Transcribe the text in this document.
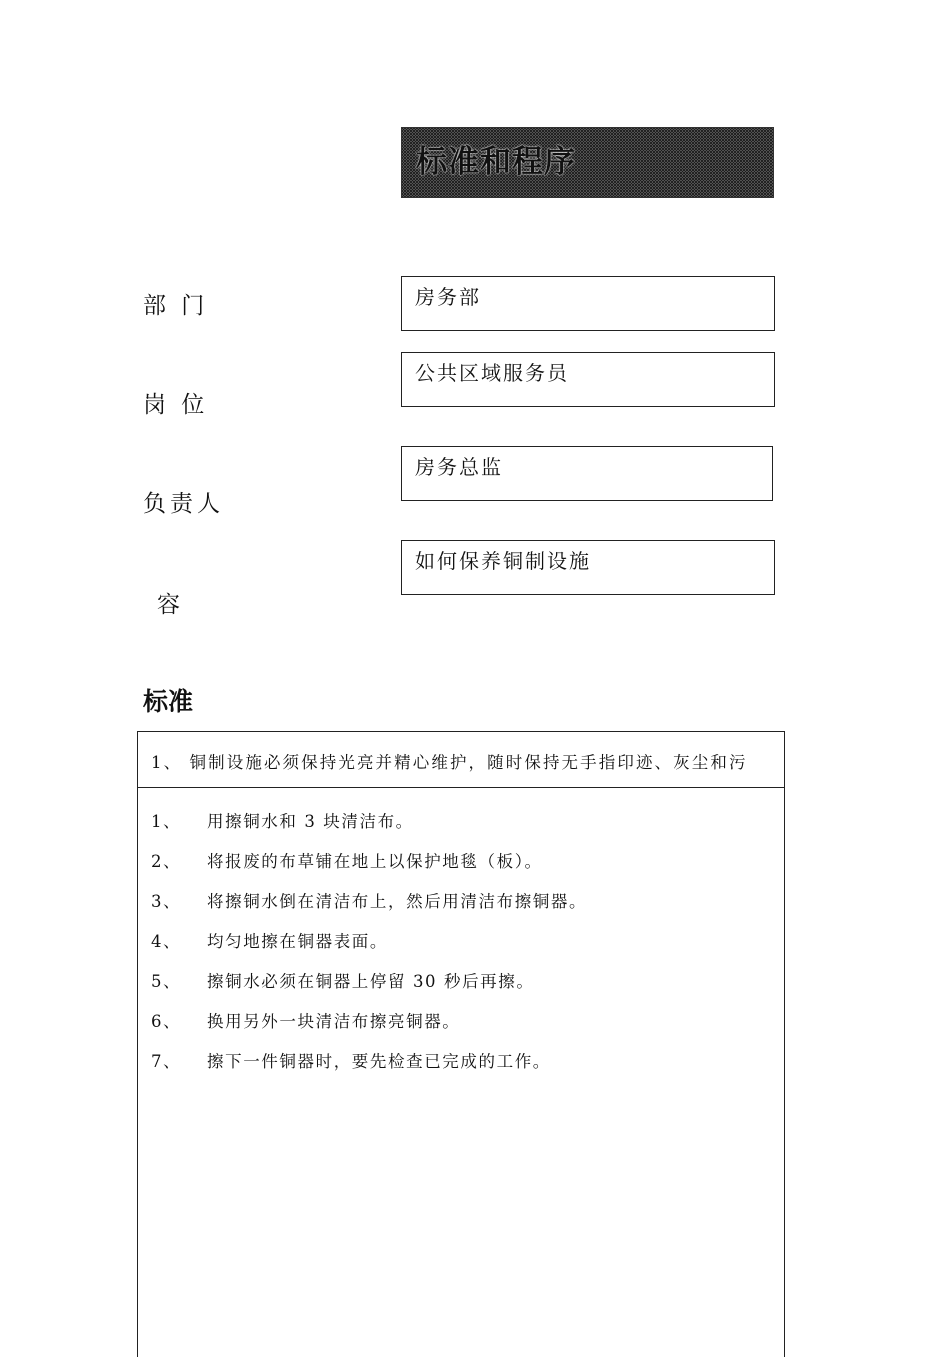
标准和程序
部 门
岗 位
负责人
容
房务部
公共区域服务员
房务总监
如何保养铜制设施
标准
1、 铜制设施必须保持光亮并精心维护，随时保持无手指印迹、灰尘和污
1、 用擦铜水和 3 块清洁布。
2、 将报废的布草铺在地上以保护地毯（板）。
3、 将擦铜水倒在清洁布上，然后用清洁布擦铜器。
4、 均匀地擦在铜器表面。
5、 擦铜水必须在铜器上停留 30 秒后再擦。
6、 换用另外一块清洁布擦亮铜器。
7、 擦下一件铜器时，要先检查已完成的工作。
